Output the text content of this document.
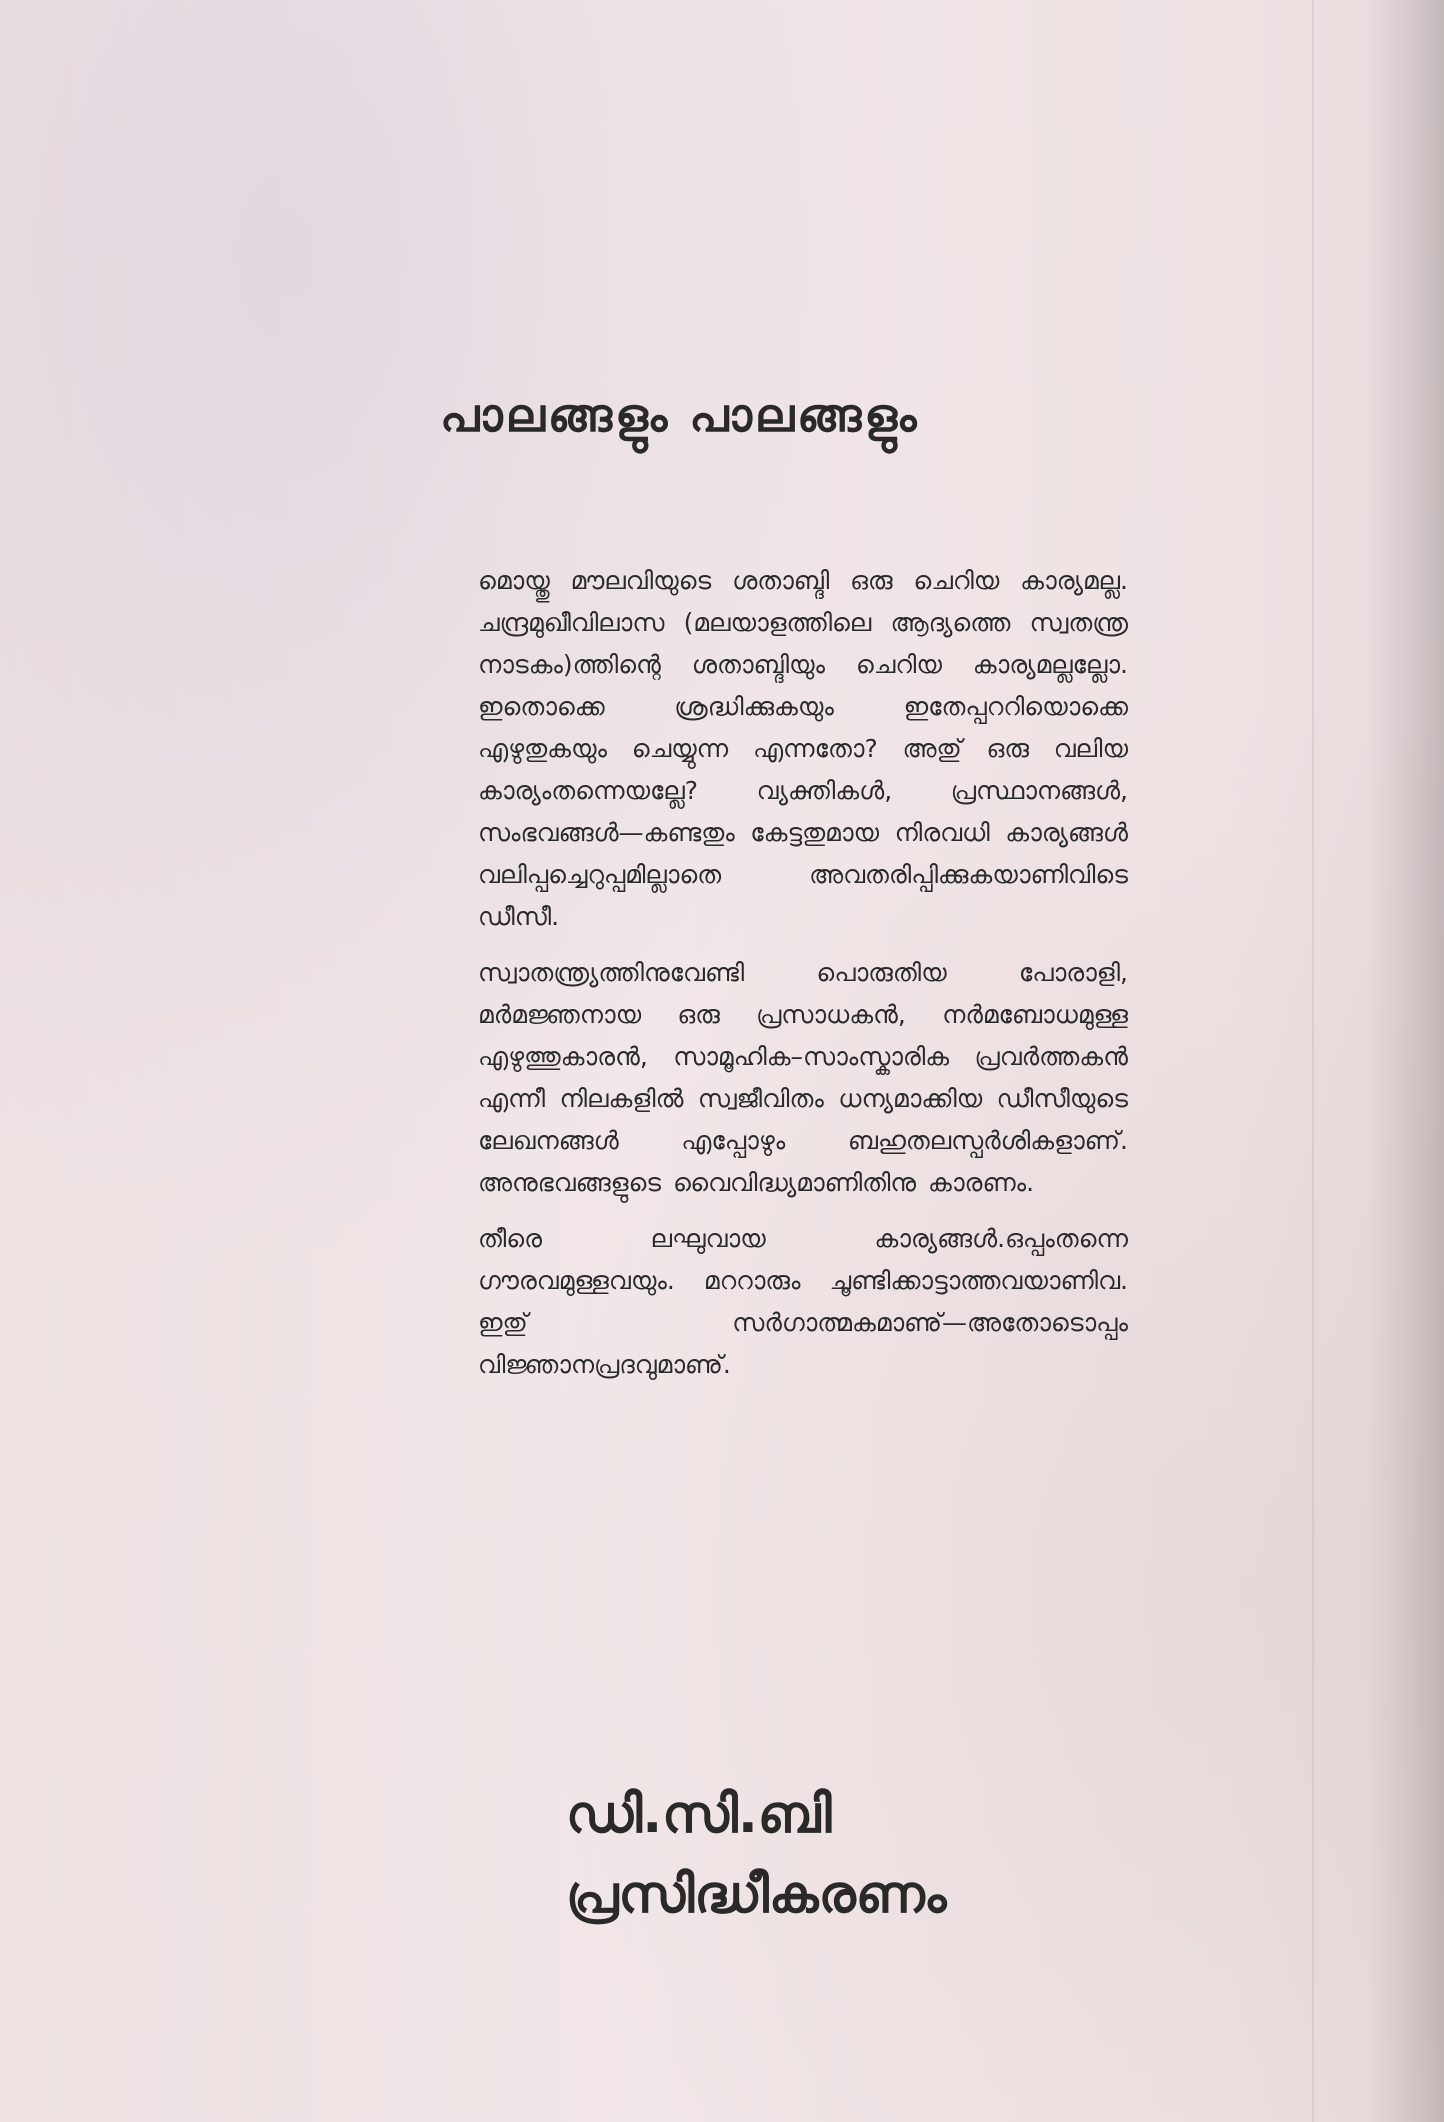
പാലങ്ങളും പാലങ്ങളും

മൊയ്തു മൗലവിയുടെ ശതാബ്ദി ഒരു ചെറിയ കാര്യമല്ല. ചന്ദ്രമുഖീവിലാസ (മലയാളത്തിലെ ആദ്യത്തെ സ്വതന്ത്ര നാടകം)ത്തിന്റെ ശതാബ്ദിയും ചെറിയ കാര്യമല്ലല്ലോ. ഇതൊക്കെ ശ്രദ്ധിക്കുകയും ഇതേപ്പററിയൊക്കെ എഴുതുകയും ചെയ്യുന്ന എന്നതോ? അതു് ഒരു വലിയ കാര്യംതന്നെയല്ലേ? വ്യക്തികൾ, പ്രസ്ഥാനങ്ങൾ, സംഭവങ്ങൾ—കണ്ടതും കേട്ടതുമായ നിരവധി കാര്യങ്ങൾ വലിപ്പച്ചെറുപ്പമില്ലാതെ അവതരിപ്പിക്കുകയാണിവിടെ ഡീസീ.

സ്വാതന്ത്ര്യത്തിനുവേണ്ടി പൊരുതിയ പോരാളി, മർമജ്ഞനായ ഒരു പ്രസാധകൻ, നർമബോധമുള്ള എഴുത്തുകാരൻ, സാമൂഹിക–സാംസ്കാരിക പ്രവർത്തകൻ എന്നീ നിലകളിൽ സ്വജീവിതം ധന്യമാക്കിയ ഡീസീയുടെ ലേഖനങ്ങൾ എപ്പോഴും ബഹുതലസ്പർശികളാണ്. അനുഭവങ്ങളുടെ വൈവിദ്ധ്യമാണിതിനു കാരണം.

തീരെ ലഘുവായ കാര്യങ്ങൾ.ഒപ്പംതന്നെ ഗൗരവമുള്ളവയും. മററാരും ചൂണ്ടിക്കാട്ടാത്തവയാണിവ. ഇതു് സർഗാത്മകമാണു്—അതോടൊപ്പം വിജ്ഞാനപ്രദവുമാണു്.

ഡി.സി.ബി
പ്രസിദ്ധീകരണം
